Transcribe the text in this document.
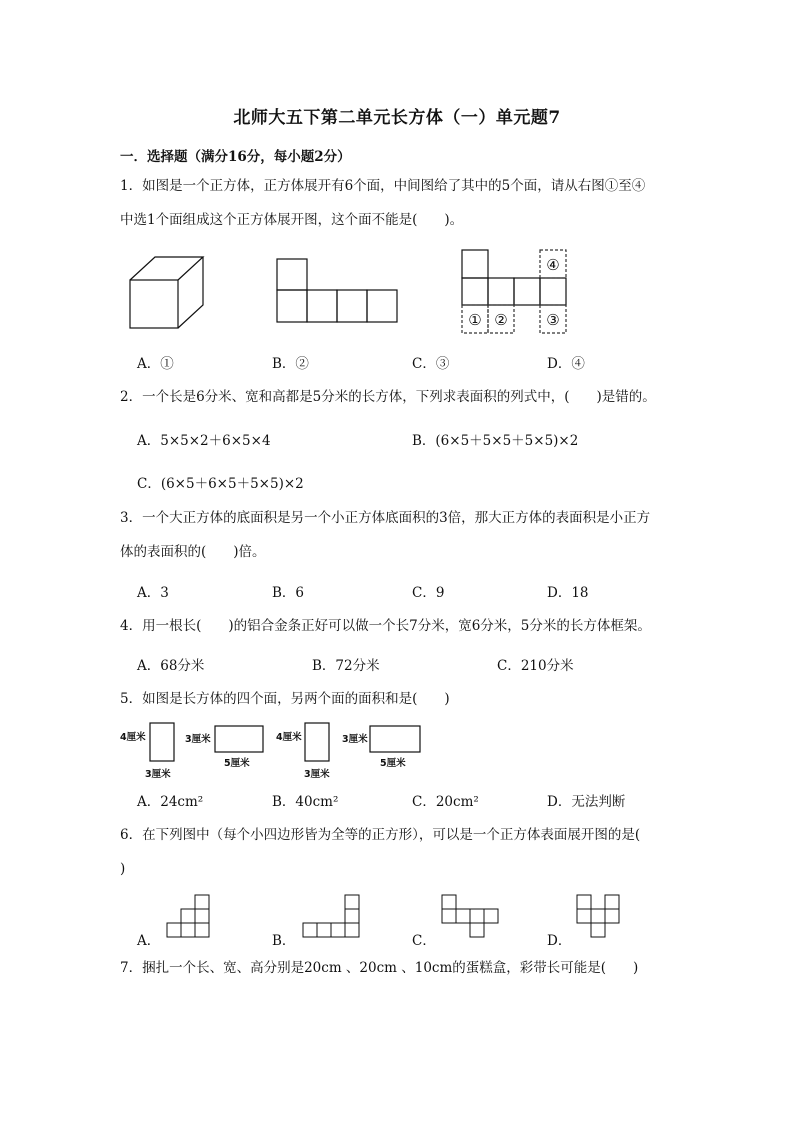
北师大五下第二单元长方体（一）单元题7
一．选择题（满分16分，每小题2分）
1．如图是一个正方体，正方体展开有6个面，中间图给了其中的5个面，请从右图①至④
中选1个面组成这个正方体展开图，这个面不能是(　　)。
① ②	③
④
A．①	B．②	C．③	D．④
2．一个长是6分米、宽和高都是5分米的长方体，下列求表面积的列式中，(　　)是错的。
A．5×5×2＋6×5×4	B．(6×5＋5×5＋5×5)×2
C．(6×5＋6×5＋5×5)×2
3．一个大正方体的底面积是另一个小正方体底面积的3倍，那大正方体的表面积是小正方
体的表面积的(　　)倍。
A．3	B．6	C．9	D．18
4．用一根长(　　)的铝合金条正好可以做一个长7分米，宽6分米，5分米的长方体框架。
A．68分米	B．72分米	C．210分米
5．如图是长方体的四个面，另两个面的面积和是(　　)
4厘米
3厘米
3厘米
5厘米
4厘米
3厘米
3厘米
5厘米
A．24cm²	B．40cm²	C．20cm²	D．无法判断
6．在下列图中（每个小四边形皆为全等的正方形），可以是一个正方体表面展开图的是(
)
A．	B．	C．	D．
7．捆扎一个长、宽、高分别是20cm 、20cm 、10cm的蛋糕盒，彩带长可能是(　　)
